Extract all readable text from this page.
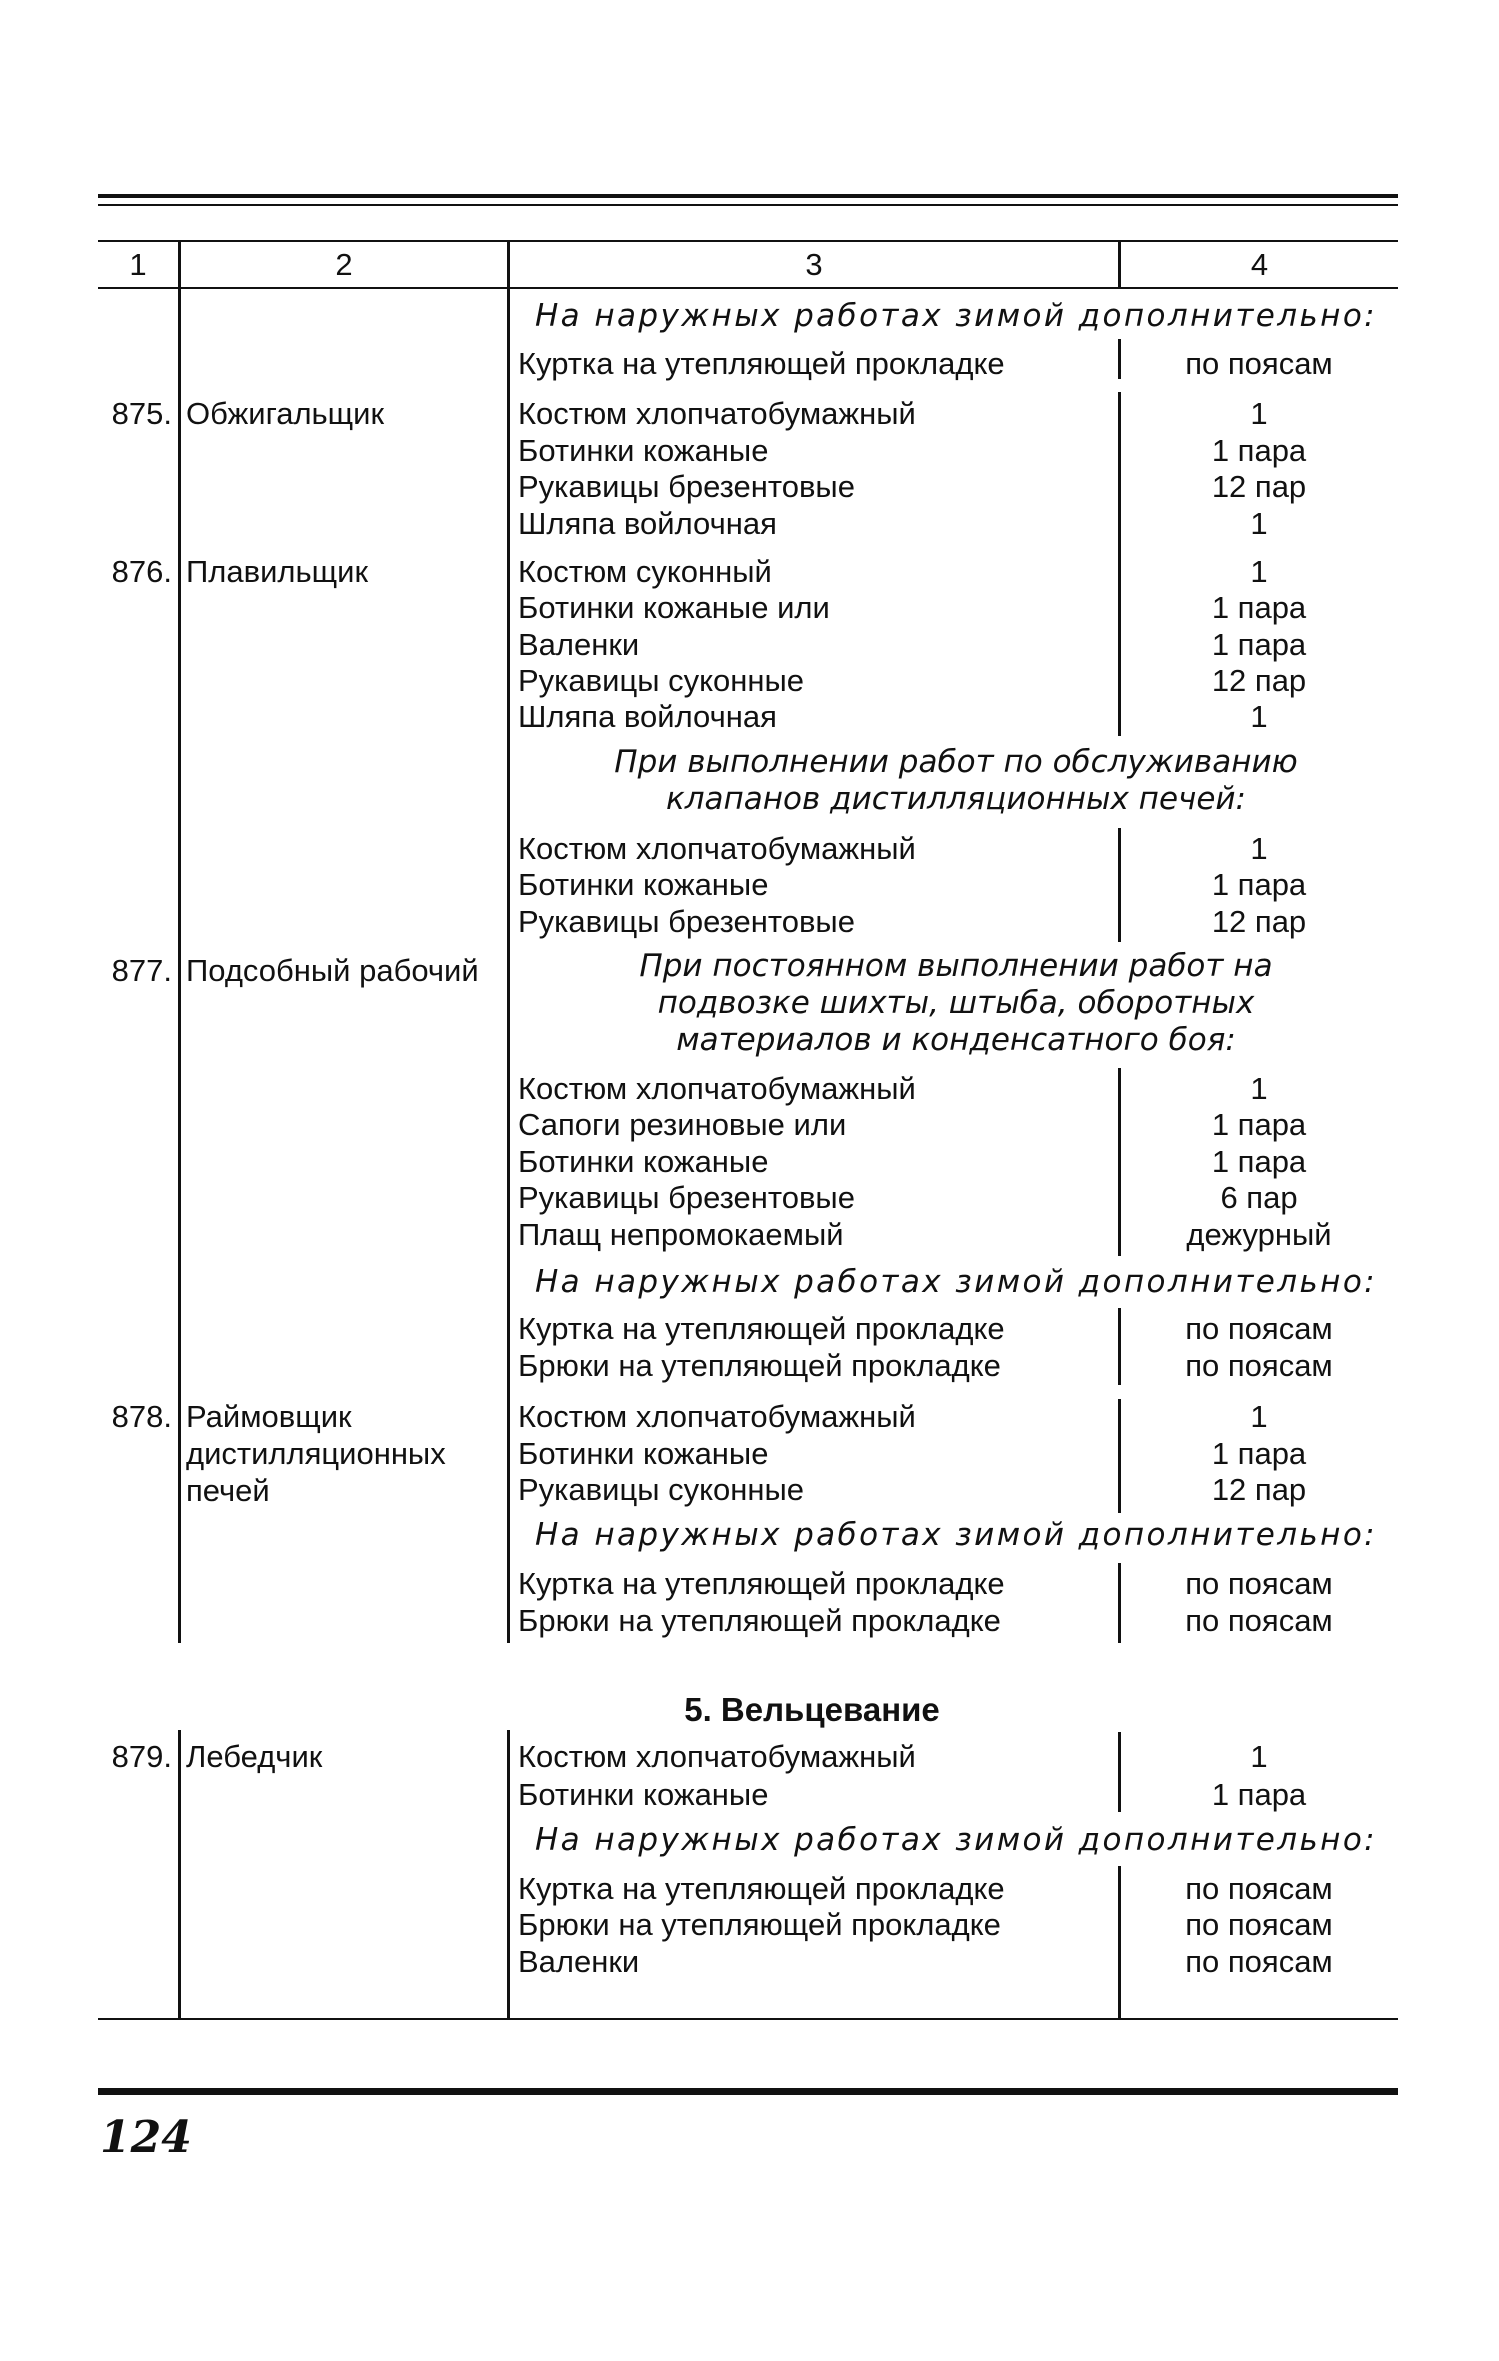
1	2	3	4
На наружных работах зимой дополнительно:
Куртка на утепляющей прокладке	по поясам
875. Обжигальщик	Костюм хлопчатобумажный	1
Ботинки кожаные	1 пара
Рукавицы брезентовые	12 пар
Шляпа войлочная	1
876. Плавильщик	Костюм суконный	1
Ботинки кожаные или	1 пара
Валенки	1 пара
Рукавицы суконные	12 пар
Шляпа войлочная	1
При выполнении работ по обслуживанию клапанов дистилляционных печей:
Костюм хлопчатобумажный	1
Ботинки кожаные	1 пара
Рукавицы брезентовые	12 пар
877. Подсобный рабочий	При постоянном выполнении работ на подвозке шихты, штыба, оборотных материалов и конденсатного боя:
Костюм хлопчатобумажный	1
Сапоги резиновые или	1 пара
Ботинки кожаные	1 пара
Рукавицы брезентовые	6 пар
Плащ непромокаемый	дежурный
На наружных работах зимой дополнительно:
Куртка на утепляющей прокладке	по поясам
Брюки на утепляющей прокладке	по поясам
878. Раймовщик дистилляционных печей
Костюм хлопчатобумажный	1
Ботинки кожаные	1 пара
Рукавицы суконные	12 пар
На наружных работах зимой дополнительно:
Куртка на утепляющей прокладке	по поясам
Брюки на утепляющей прокладке	по поясам
5. Вельцевание
879. Лебедчик	Костюм хлопчатобумажный	1
Ботинки кожаные	1 пара
На наружных работах зимой дополнительно:
Куртка на утепляющей прокладке	по поясам
Брюки на утепляющей прокладке	по поясам
Валенки	по поясам
124
